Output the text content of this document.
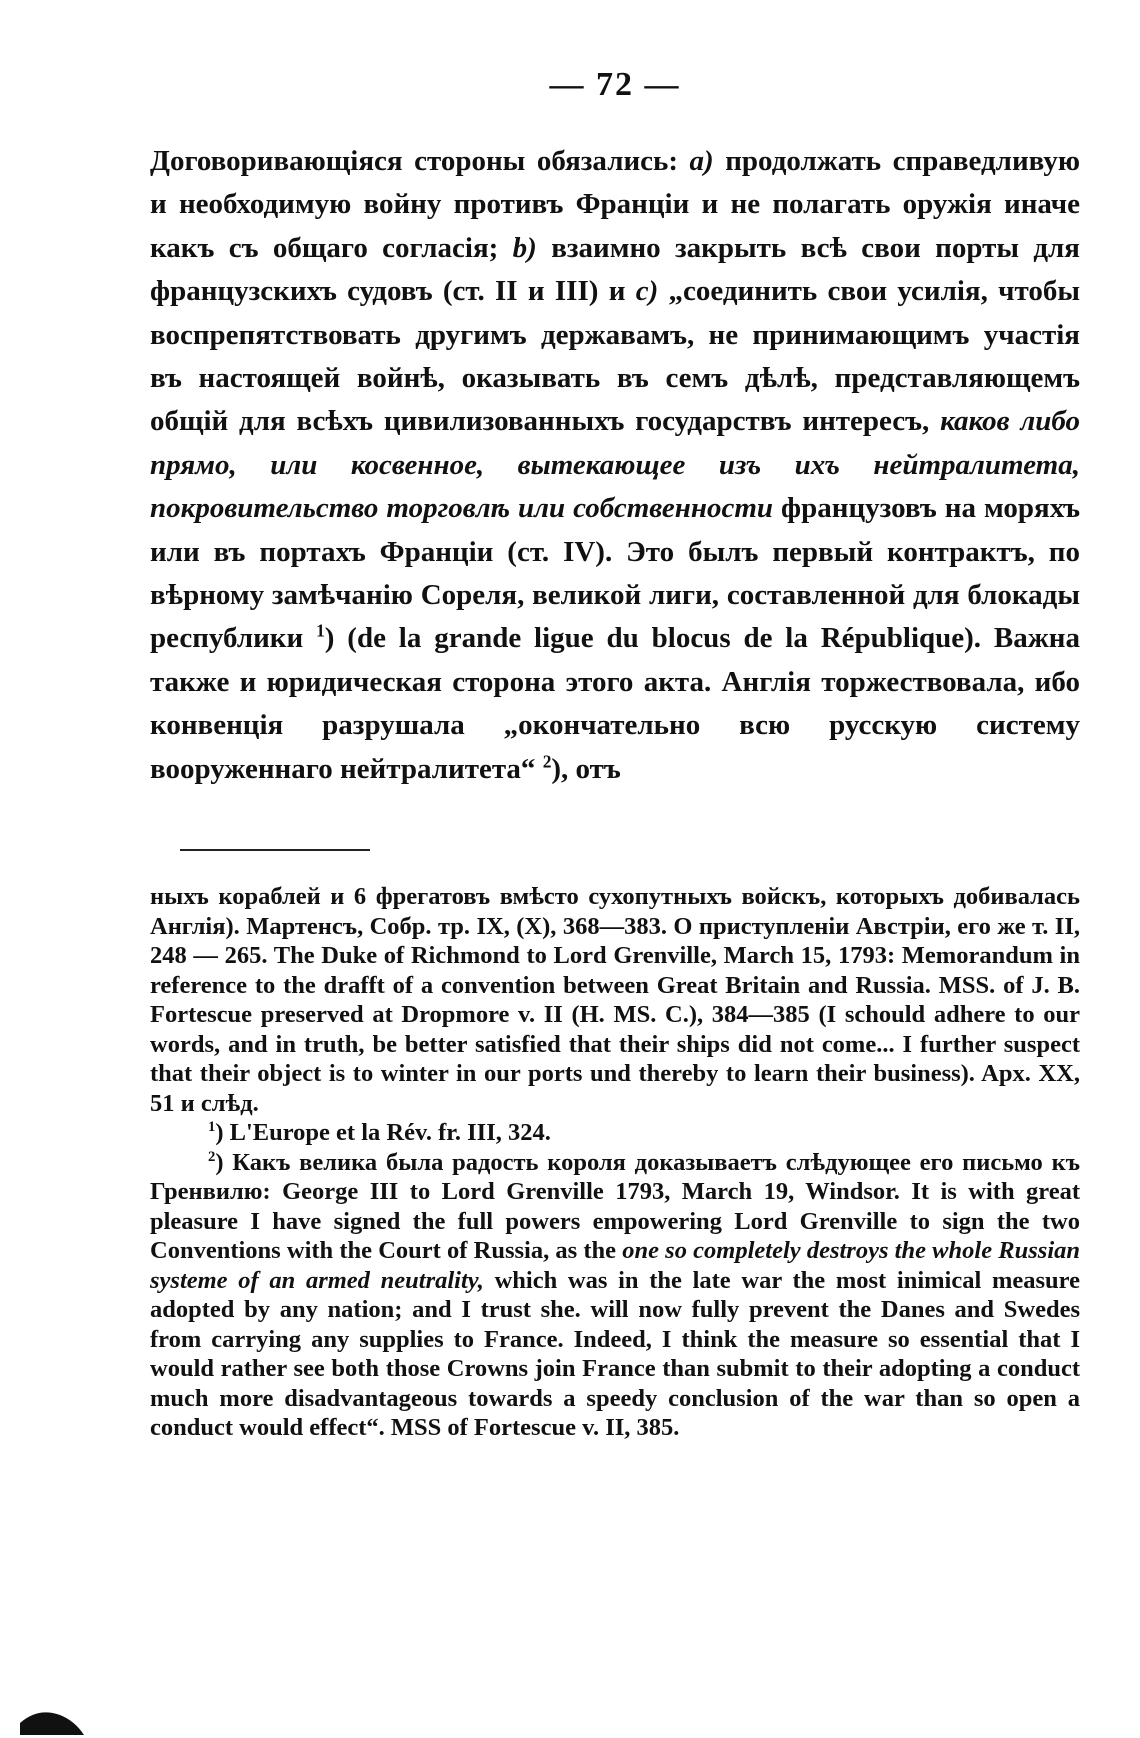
— 72 —

Договоривающіяся стороны обязались: a) продолжать справедливую и необходимую войну противъ Франціи и не полагать оружія иначе какъ съ общаго согласія; b) взаимно закрыть всѣ свои порты для французскихъ судовъ (ст. II и III) и c) „соединить свои усилія, чтобы воспрепятствовать другимъ державамъ, не принимающимъ участія въ настоящей войнѣ, оказывать въ семъ дѣлѣ, представляющемъ общій для всѣхъ цивилизованныхъ государствъ интересъ, каков либо прямо, или косвенное, вытекающее изъ ихъ нейтралитета, покровительство торговлѣ или собственности французовъ на моряхъ или въ портахъ Франціи (ст. IV). Это былъ первый контрактъ, по вѣрному замѣчанію Сореля, великой лиги, составленной для блокады республики $^1$) (de la grande ligue du blocus de la République). Важна также и юридическая сторона этого акта. Англія торжествовала, ибо конвенція разрушала „окончательно всю русскую систему вооруженнаго нейтралитета“ $^2$), отъ

ныхъ кораблей и 6 фрегатовъ вмѣсто сухопутныхъ войскъ, которыхъ добивалась Англія). Мартенсъ, Собр. тр. IX, (X), 368—383. О приступленіи Австріи, его же т. II, 248 — 265. The Duke of Richmond to Lord Grenville, March 15, 1793: Memorandum in reference to the drafft of a convention between Great Britain and Russia. MSS. of J. B. Fortescue preserved at Dropmore v. II (H. MS. C.), 384—385 (I schould adhere to our words, and in truth, be better satisfied that their ships did not come... I further suspect that their object is to winter in our ports und thereby to learn their business). Apx. XX, 51 и слѣд.

$^1$) L'Europe et la Rév. fr. III, 324.

$^2$) Какъ велика была радость короля доказываетъ слѣдующее его письмо къ Гренвилю: George III to Lord Grenville 1793, March 19, Windsor. It is with great pleasure I have signed the full powers empowering Lord Grenville to sign the two Conventions with the Court of Russia, as the one so completely destroys the whole Russian systeme of an armed neutrality, which was in the late war the most inimical measure adopted by any nation; and I trust she. will now fully prevent the Danes and Swedes from carrying any supplies to France. Indeed, I think the measure so essential that I would rather see both those Crowns join France than submit to their adopting a conduct much more disadvantageous towards a speedy conclusion of the war than so open a conduct would effect“. MSS of Fortescue v. II, 385.
